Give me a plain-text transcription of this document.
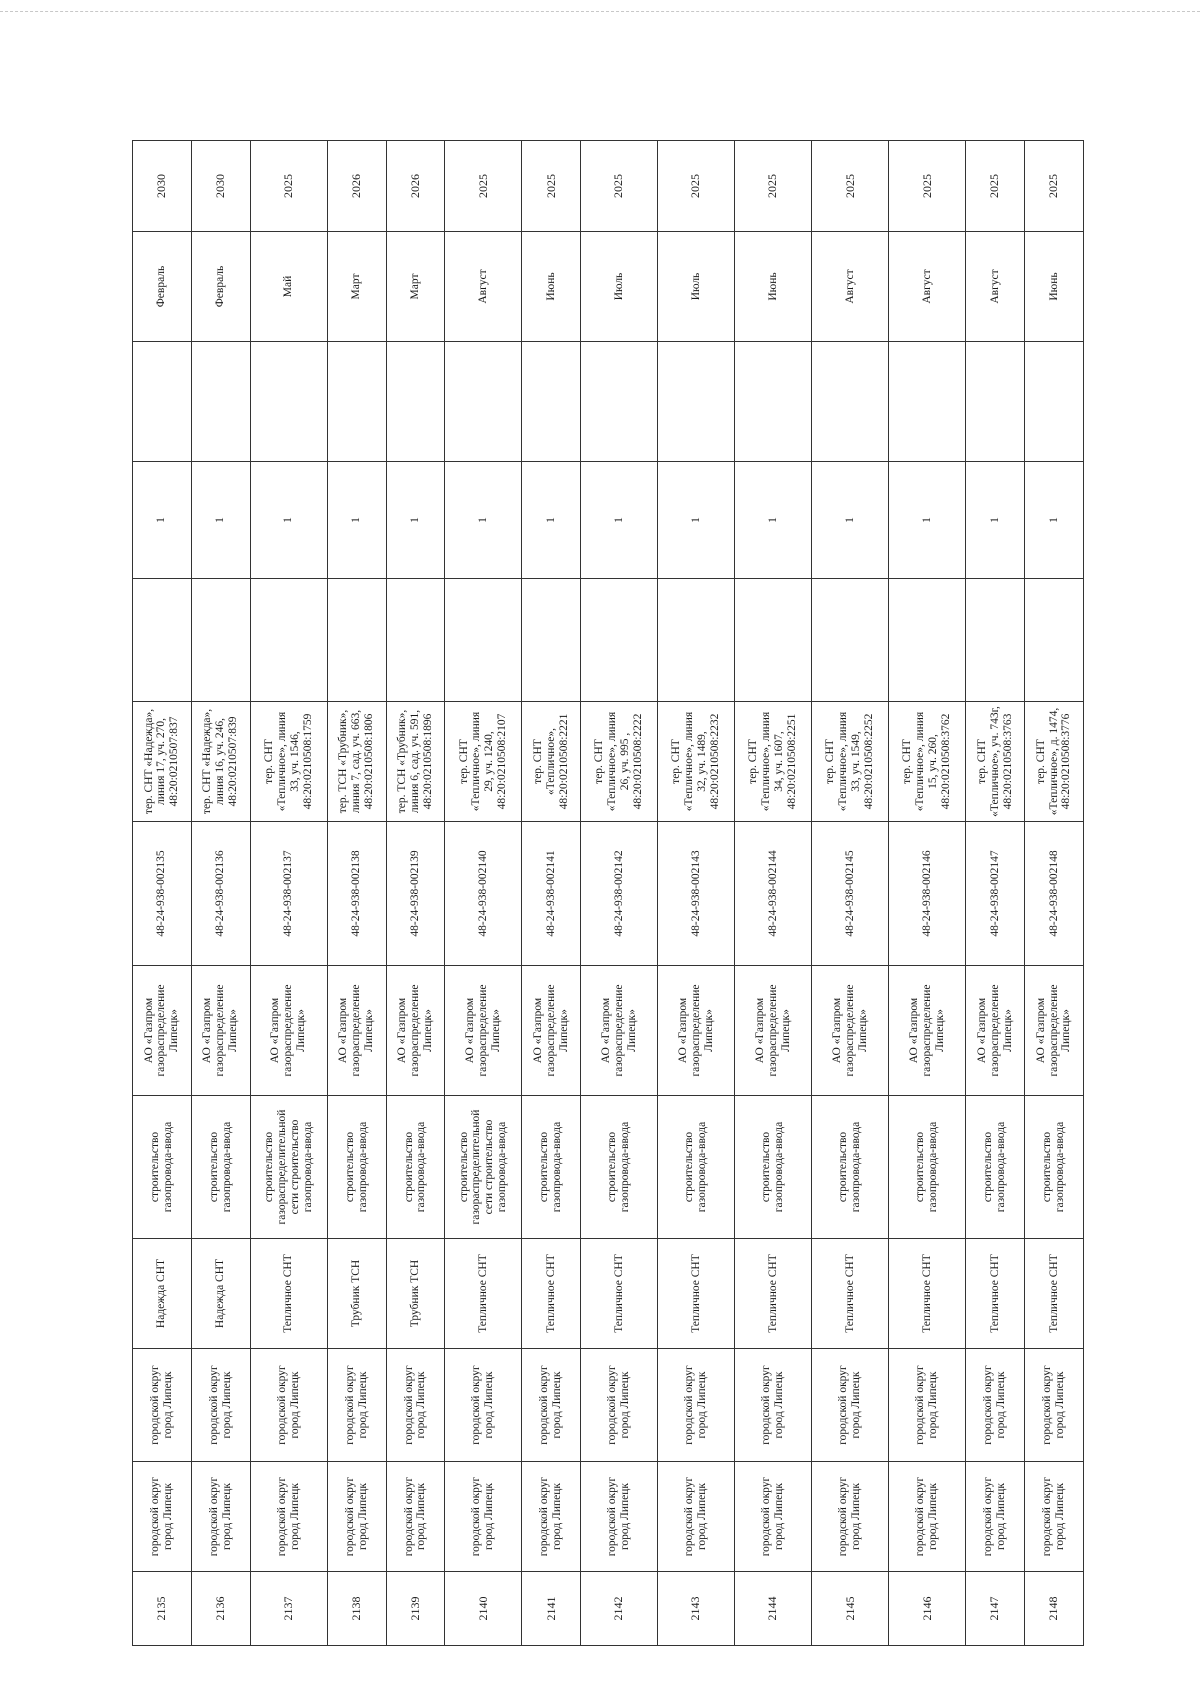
2135	городской округ город Липецк	городской округ город Липецк	Надежда СНТ	строительство газопровода-ввода	АО «Газпром газораспределение Липецк»	48-24-938-002135	тер. СНТ «Надежда», линия 17, уч. 270, 48:20:0210507:837		1		Февраль	2030
2136	городской округ город Липецк	городской округ город Липецк	Надежда СНТ	строительство газопровода-ввода	АО «Газпром газораспределение Липецк»	48-24-938-002136	тер. СНТ «Надежда», линия 16, уч. 246, 48:20:0210507:839		1		Февраль	2030
2137	городской округ город Липецк	городской округ город Липецк	Тепличное СНТ	строительство газораспределительной сети строительство газопровода-ввода	АО «Газпром газораспределение Липецк»	48-24-938-002137	тер. СНТ «Тепличное», линия 33, уч. 1546, 48:20:0210508:1759		1		Май	2025
2138	городской округ город Липецк	городской округ город Липецк	Трубник ТСН	строительство газопровода-ввода	АО «Газпром газораспределение Липецк»	48-24-938-002138	тер. ТСН «Трубник», линия 7, сад. уч. 663, 48:20:0210508:1806		1		Март	2026
2139	городской округ город Липецк	городской округ город Липецк	Трубник ТСН	строительство газопровода-ввода	АО «Газпром газораспределение Липецк»	48-24-938-002139	тер. ТСН «Трубник», линия 6, сад. уч. 591, 48:20:0210508:1896		1		Март	2026
2140	городской округ город Липецк	городской округ город Липецк	Тепличное СНТ	строительство газораспределительной сети строительство газопровода-ввода	АО «Газпром газораспределение Липецк»	48-24-938-002140	тер. СНТ «Тепличное», линия 29, уч. 1240, 48:20:0210508:2107		1		Август	2025
2141	городской округ город Липецк	городской округ город Липецк	Тепличное СНТ	строительство газопровода-ввода	АО «Газпром газораспределение Липецк»	48-24-938-002141	тер. СНТ «Тепличное», 48:20:0210508:2221		1		Июнь	2025
2142	городской округ город Липецк	городской округ город Липецк	Тепличное СНТ	строительство газопровода-ввода	АО «Газпром газораспределение Липецк»	48-24-938-002142	тер. СНТ «Тепличное», линия 26, уч. 995 , 48:20:0210508:2222		1		Июль	2025
2143	городской округ город Липецк	городской округ город Липецк	Тепличное СНТ	строительство газопровода-ввода	АО «Газпром газораспределение Липецк»	48-24-938-002143	тер. СНТ «Тепличное», линия 32, уч. 1489, 48:20:0210508:2232		1		Июль	2025
2144	городской округ город Липецк	городской округ город Липецк	Тепличное СНТ	строительство газопровода-ввода	АО «Газпром газораспределение Липецк»	48-24-938-002144	тер. СНТ «Тепличное», линия 34, уч. 1607, 48:20:0210508:2251		1		Июнь	2025
2145	городской округ город Липецк	городской округ город Липецк	Тепличное СНТ	строительство газопровода-ввода	АО «Газпром газораспределение Липецк»	48-24-938-002145	тер. СНТ «Тепличное», линия 33, уч. 1549, 48:20:0210508:2252		1		Август	2025
2146	городской округ город Липецк	городской округ город Липецк	Тепличное СНТ	строительство газопровода-ввода	АО «Газпром газораспределение Липецк»	48-24-938-002146	тер. СНТ «Тепличное», линия 15, уч. 260, 48:20:0210508:3762		1		Август	2025
2147	городской округ город Липецк	городской округ город Липецк	Тепличное СНТ	строительство газопровода-ввода	АО «Газпром газораспределение Липецк»	48-24-938-002147	тер. СНТ «Тепличное», уч. 743г, 48:20:0210508:3763		1		Август	2025
2148	городской округ город Липецк	городской округ город Липецк	Тепличное СНТ	строительство газопровода-ввода	АО «Газпром газораспределение Липецк»	48-24-938-002148	тер. СНТ «Тепличное», д. 1474, 48:20:0210508:3776		1		Июнь	2025
